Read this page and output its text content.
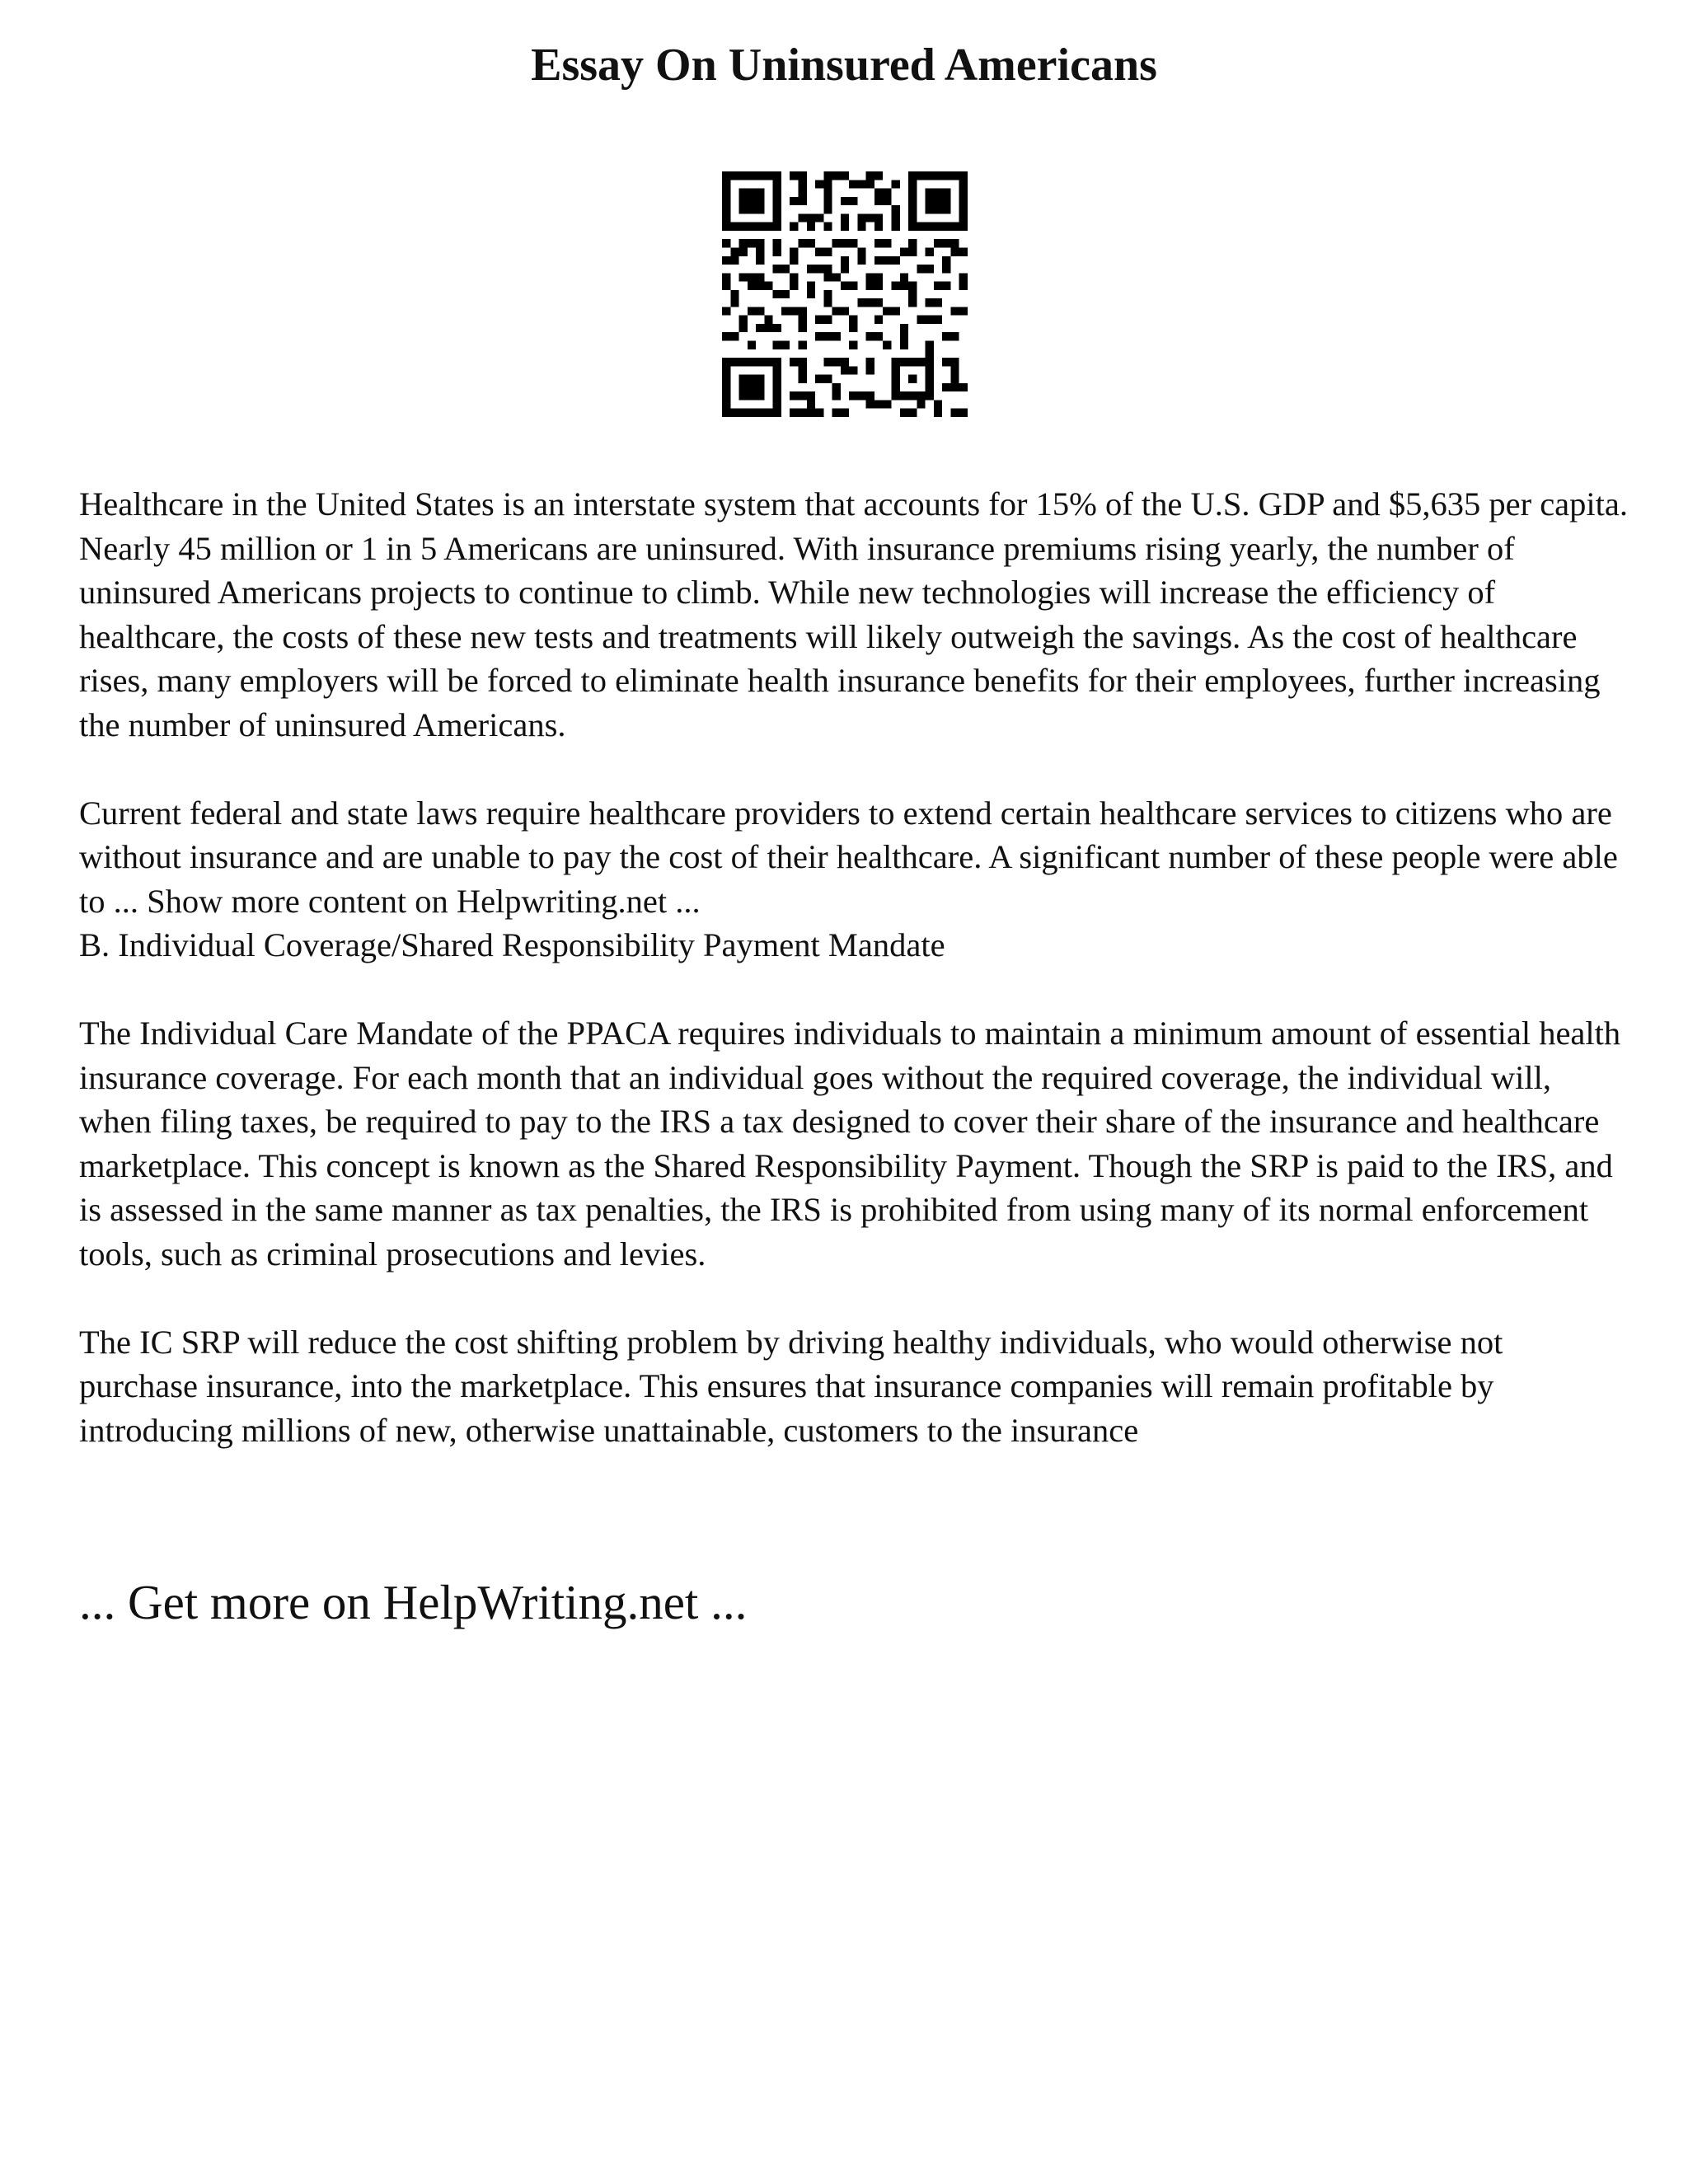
Essay On Uninsured Americans

Healthcare in the United States is an interstate system that accounts for 15% of the U.S. GDP and $5,635 per capita. Nearly 45 million or 1 in 5 Americans are uninsured. With insurance premiums rising yearly, the number of uninsured Americans projects to continue to climb. While new technologies will increase the efficiency of healthcare, the costs of these new tests and treatments will likely outweigh the savings. As the cost of healthcare rises, many employers will be forced to eliminate health insurance benefits for their employees, further increasing the number of uninsured Americans.

Current federal and state laws require healthcare providers to extend certain healthcare services to citizens who are without insurance and are unable to pay the cost of their healthcare. A significant number of these people were able to ... Show more content on Helpwriting.net ...

B. Individual Coverage/Shared Responsibility Payment Mandate

The Individual Care Mandate of the PPACA requires individuals to maintain a minimum amount of essential health insurance coverage. For each month that an individual goes without the required coverage, the individual will, when filing taxes, be required to pay to the IRS a tax designed to cover their share of the insurance and healthcare marketplace. This concept is known as the Shared Responsibility Payment. Though the SRP is paid to the IRS, and is assessed in the same manner as tax penalties, the IRS is prohibited from using many of its normal enforcement tools, such as criminal prosecutions and levies.

The IC SRP will reduce the cost shifting problem by driving healthy individuals, who would otherwise not purchase insurance, into the marketplace. This ensures that insurance companies will remain profitable by introducing millions of new, otherwise unattainable, customers to the insurance

... Get more on HelpWriting.net ...
